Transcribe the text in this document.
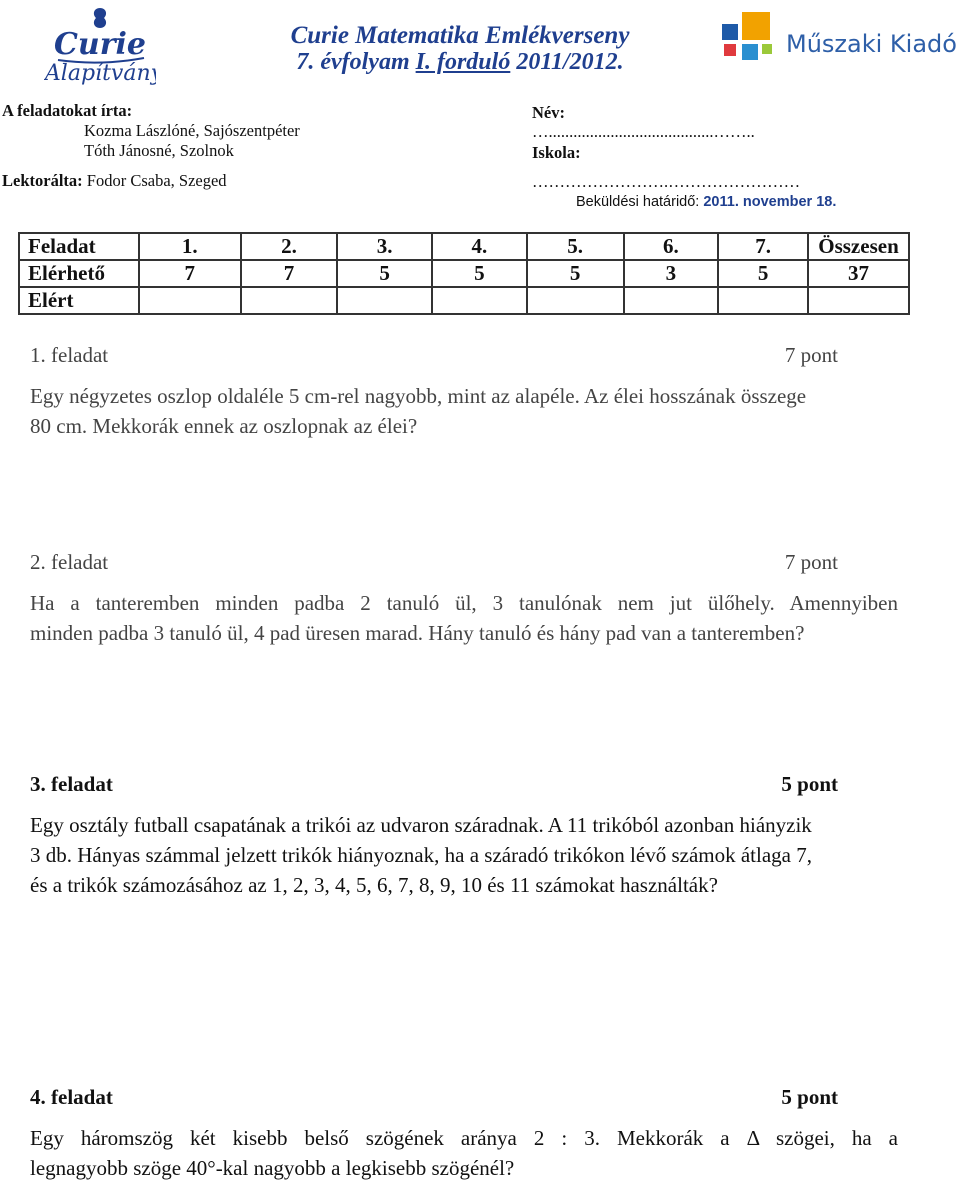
Curie
Alapítvány
Curie Matematika Emlékverseny
7. évfolyam I. forduló 2011/2012.
Műszaki Kiadó
A feladatokat írta:
Kozma Lászlóné, Sajószentpéter
Tóth Jánosné, Szolnok
Lektorálta: Fodor Csaba, Szeged
Név:
…........................................……..
Iskola:
…………………….……………………
Beküldési határidő: 2011. november 18.
Feladat	1.	2.	3.	4.	5.	6.	7.	Összesen
Elérhető	7	7	5	5	5	3	5	37
Elért								
1. feladat	7 pont
Egy négyzetes oszlop oldaléle 5 cm-rel nagyobb, mint az alapéle. Az élei hosszának összege
80 cm. Mekkorák ennek az oszlopnak az élei?
2. feladat	7 pont
Ha a tanteremben minden padba 2 tanuló ül, 3 tanulónak nem jut ülőhely. Amennyiben
minden padba 3 tanuló ül, 4 pad üresen marad. Hány tanuló és hány pad van a tanteremben?
3. feladat	5 pont
Egy osztály futball csapatának a trikói az udvaron száradnak. A 11 trikóból azonban hiányzik
3 db. Hányas számmal jelzett trikók hiányoznak, ha a száradó trikókon lévő számok átlaga 7,
és a trikók számozásához az 1, 2, 3, 4, 5, 6, 7, 8, 9, 10 és 11 számokat használták?
4. feladat	5 pont
Egy háromszög két kisebb belső szögének aránya 2 : 3. Mekkorák a Δ szögei, ha a
legnagyobb szöge 40°-kal nagyobb a legkisebb szögénél?
